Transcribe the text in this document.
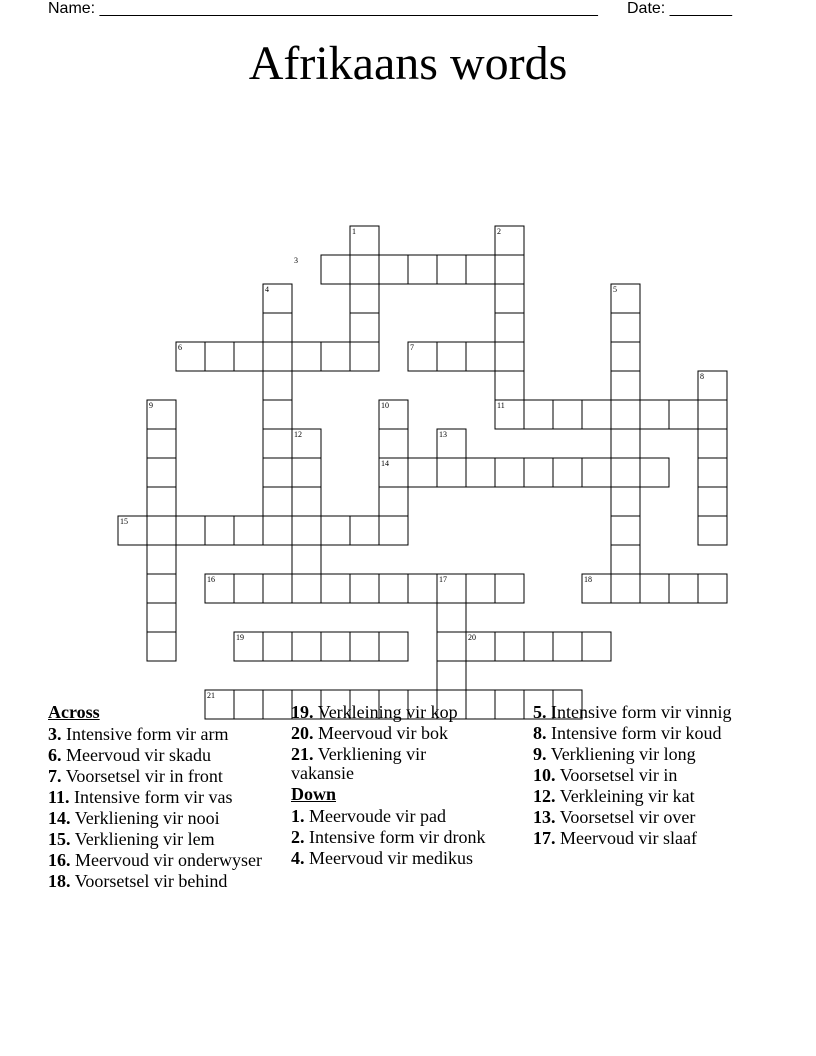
Name: ________________________________________________________ Date: _______
Afrikaans words
1	2
3
4	5
6	7
8
9	10	11
12	13
14
15
16	17	18
19	20
21
Across
3. Intensive form vir arm
6. Meervoud vir skadu
7. Voorsetsel vir in front
11. Intensive form vir vas
14. Verkliening vir nooi
15. Verkliening vir lem
16. Meervoud vir onderwyser
18. Voorsetsel vir behind
19. Verkleining vir kop
20. Meervoud vir bok
21. Verkliening vir vakansie
Down
1. Meervoude vir pad
2. Intensive form vir dronk
4. Meervoud vir medikus
5. Intensive form vir vinnig
8. Intensive form vir koud
9. Verkliening vir long
10. Voorsetsel vir in
12. Verkleining vir kat
13. Voorsetsel vir over
17. Meervoud vir slaaf
